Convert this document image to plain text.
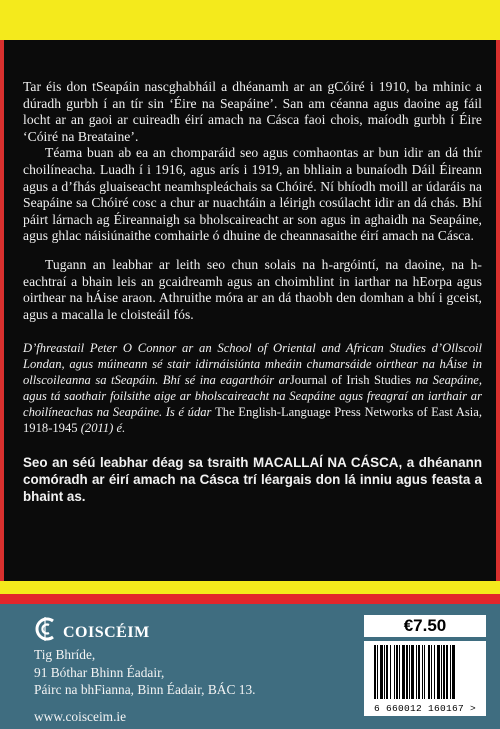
Tar éis don tSeapáin nascghabháil a dhéanamh ar an gCóiré i 1910, ba mhinic a dúradh gurbh í an tír sin ‘Éire na Seapáine’. San am céanna agus daoine ag fáil locht ar an gaoi ar cuireadh éirí amach na Cásca faoi chois, maíodh gurbh í Éire ‘Cóiré na Breataine’.

Téama buan ab ea an chomparáid seo agus comhaontas ar bun idir an dá thír choilíneacha. Luadh í i 1916, agus arís i 1919, an bhliain a bunaíodh Dáil Éireann agus a d’fhás gluaiseacht neamhspleáchais sa Chóiré. Ní bhíodh moill ar údaráis na Seapáine sa Chóiré cosc a chur ar nuachtáin a léirigh cosúlacht idir an dá chás. Bhí páirt lárnach ag Éireannaigh sa bholscaireacht ar son agus in aghaidh na Seapáine, agus ghlac náisiúnaithe comhairle ó dhuine de cheannasaithe éirí amach na Cásca.

Tugann an leabhar ar leith seo chun solais na h-argóintí, na daoine, na h-eachtraí a bhain leis an gcaidreamh agus an choimhlint in iarthar na hEorpa agus oirthear na hÁise araon. Athruithe móra ar an dá thaobh den domhan a bhí i gceist, agus a macalla le cloisteáil fós.

D’fhreastail Peter O Connor ar an School of Oriental and African Studies d’Ollscoil Londan, agus múineann sé stair idirnáisiúnta mheáin chumarsáide oirthear na hÁise in ollscoileanna sa tSeapáin. Bhí sé ina eagarthóir arJournal of Irish Studies na Seapáine, agus tá saothair foilsithe aige ar bholscaireacht na Seapáine agus freagraí an iarthair ar choilíneachas na Seapáine. Is é údar The English-Language Press Networks of East Asia, 1918-1945 (2011) é.

Seo an séú leabhar déag sa tsraith MACALLAÍ NA CÁSCA, a dhéanann comóradh ar éirí amach na Cásca trí léargais don lá inniu agus feasta a bhaint as.

COISCÉIM
Tig Bhríde,
91 Bóthar Bhinn Éadair,
Páirc na bhFianna, Binn Éadair, BÁC 13.
www.coisceim.ie
€7.50
6 660012 160167 >
